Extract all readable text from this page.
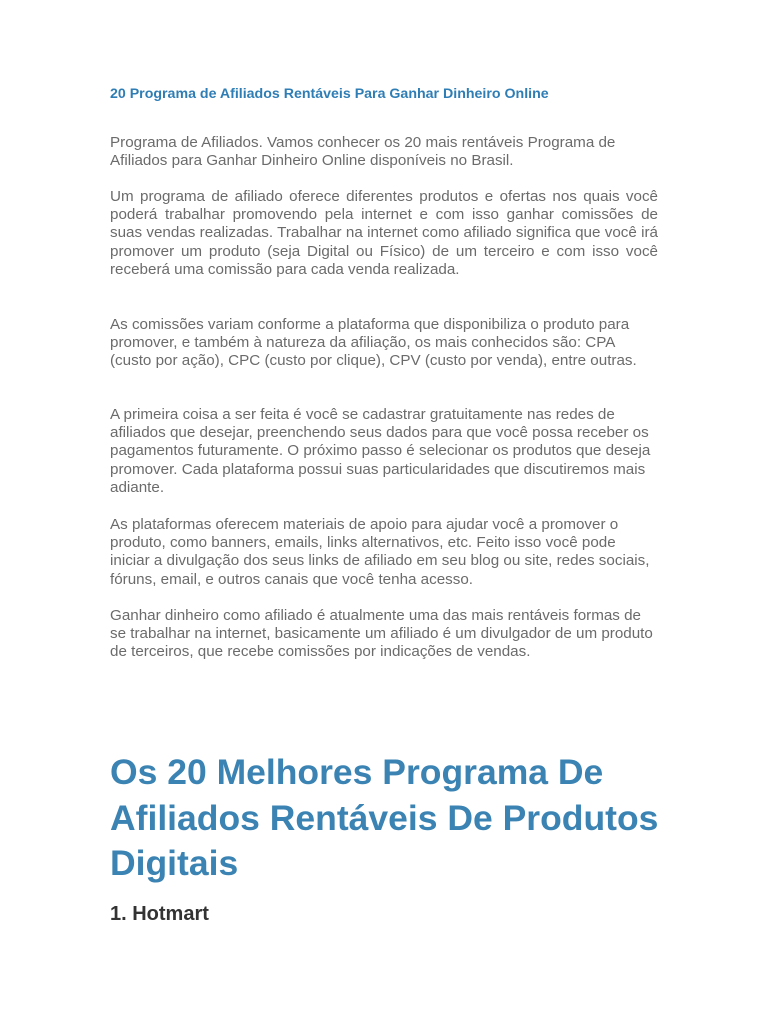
20 Programa de Afiliados Rentáveis Para Ganhar Dinheiro Online

Programa de Afiliados. Vamos conhecer os 20 mais rentáveis Programa de Afiliados para Ganhar Dinheiro Online disponíveis no Brasil.

Um programa de afiliado oferece diferentes produtos e ofertas nos quais você poderá trabalhar promovendo pela internet e com isso ganhar comissões de suas vendas realizadas. Trabalhar na internet como afiliado significa que você irá promover um produto (seja Digital ou Físico) de um terceiro e com isso você receberá uma comissão para cada venda realizada.

As comissões variam conforme a plataforma que disponibiliza o produto para promover, e também à natureza da afiliação, os mais conhecidos são: CPA (custo por ação), CPC (custo por clique), CPV (custo por venda), entre outras.

A primeira coisa a ser feita é você se cadastrar gratuitamente nas redes de afiliados que desejar, preenchendo seus dados para que você possa receber os pagamentos futuramente. O próximo passo é selecionar os produtos que deseja promover. Cada plataforma possui suas particularidades que discutiremos mais adiante.

As plataformas oferecem materiais de apoio para ajudar você a promover o produto, como banners, emails, links alternativos, etc. Feito isso você pode iniciar a divulgação dos seus links de afiliado em seu blog ou site, redes sociais, fóruns, email, e outros canais que você tenha acesso.

Ganhar dinheiro como afiliado é atualmente uma das mais rentáveis formas de se trabalhar na internet, basicamente um afiliado é um divulgador de um produto de terceiros, que recebe comissões por indicações de vendas.

Os 20 Melhores Programa De Afiliados Rentáveis De Produtos Digitais
1. Hotmart
